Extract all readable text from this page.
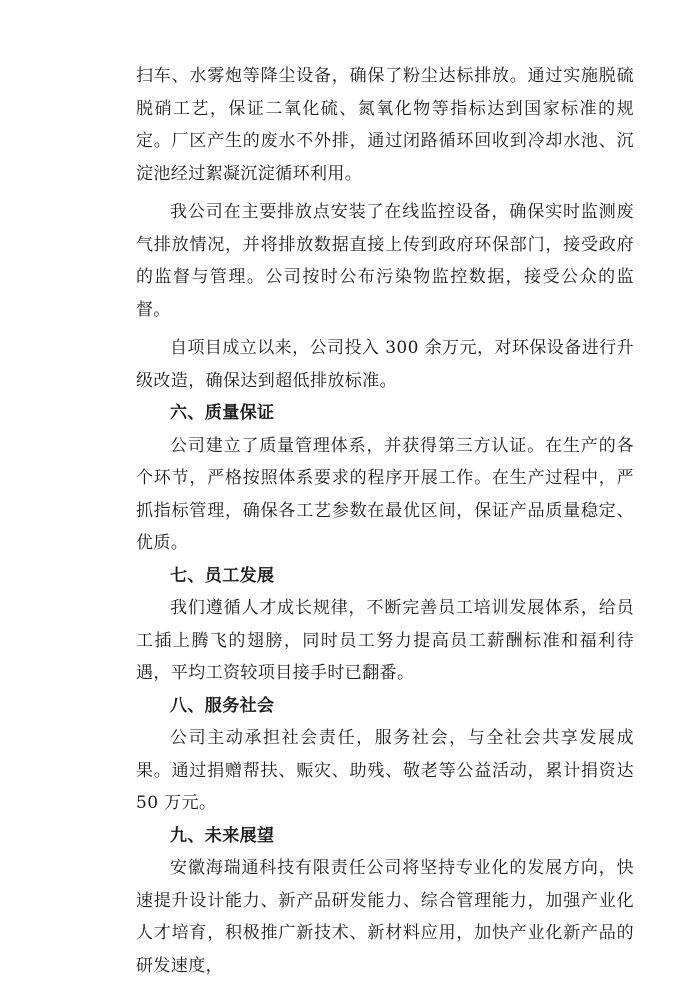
扫车、水雾炮等降尘设备，确保了粉尘达标排放。通过实施脱硫脱硝工艺，保证二氧化硫、氮氧化物等指标达到国家标准的规定。厂区产生的废水不外排，通过闭路循环回收到冷却水池、沉淀池经过絮凝沉淀循环利用。

我公司在主要排放点安装了在线监控设备，确保实时监测废气排放情况，并将排放数据直接上传到政府环保部门，接受政府的监督与管理。公司按时公布污染物监控数据，接受公众的监督。

自项目成立以来，公司投入 300 余万元，对环保设备进行升级改造，确保达到超低排放标准。

六、质量保证

公司建立了质量管理体系，并获得第三方认证。在生产的各个环节，严格按照体系要求的程序开展工作。在生产过程中，严抓指标管理，确保各工艺参数在最优区间，保证产品质量稳定、优质。

七、员工发展

我们遵循人才成长规律，不断完善员工培训发展体系，给员工插上腾飞的翅膀，同时员工努力提高员工薪酬标准和福利待遇，平均工资较项目接手时已翻番。

八、服务社会

公司主动承担社会责任，服务社会，与全社会共享发展成果。通过捐赠帮扶、赈灾、助残、敬老等公益活动，累计捐资达 50 万元。

九、未来展望

安徽海瑞通科技有限责任公司将坚持专业化的发展方向，快速提升设计能力、新产品研发能力、综合管理能力，加强产业化人才培育，积极推广新技术、新材料应用，加快产业化新产品的研发速度，
